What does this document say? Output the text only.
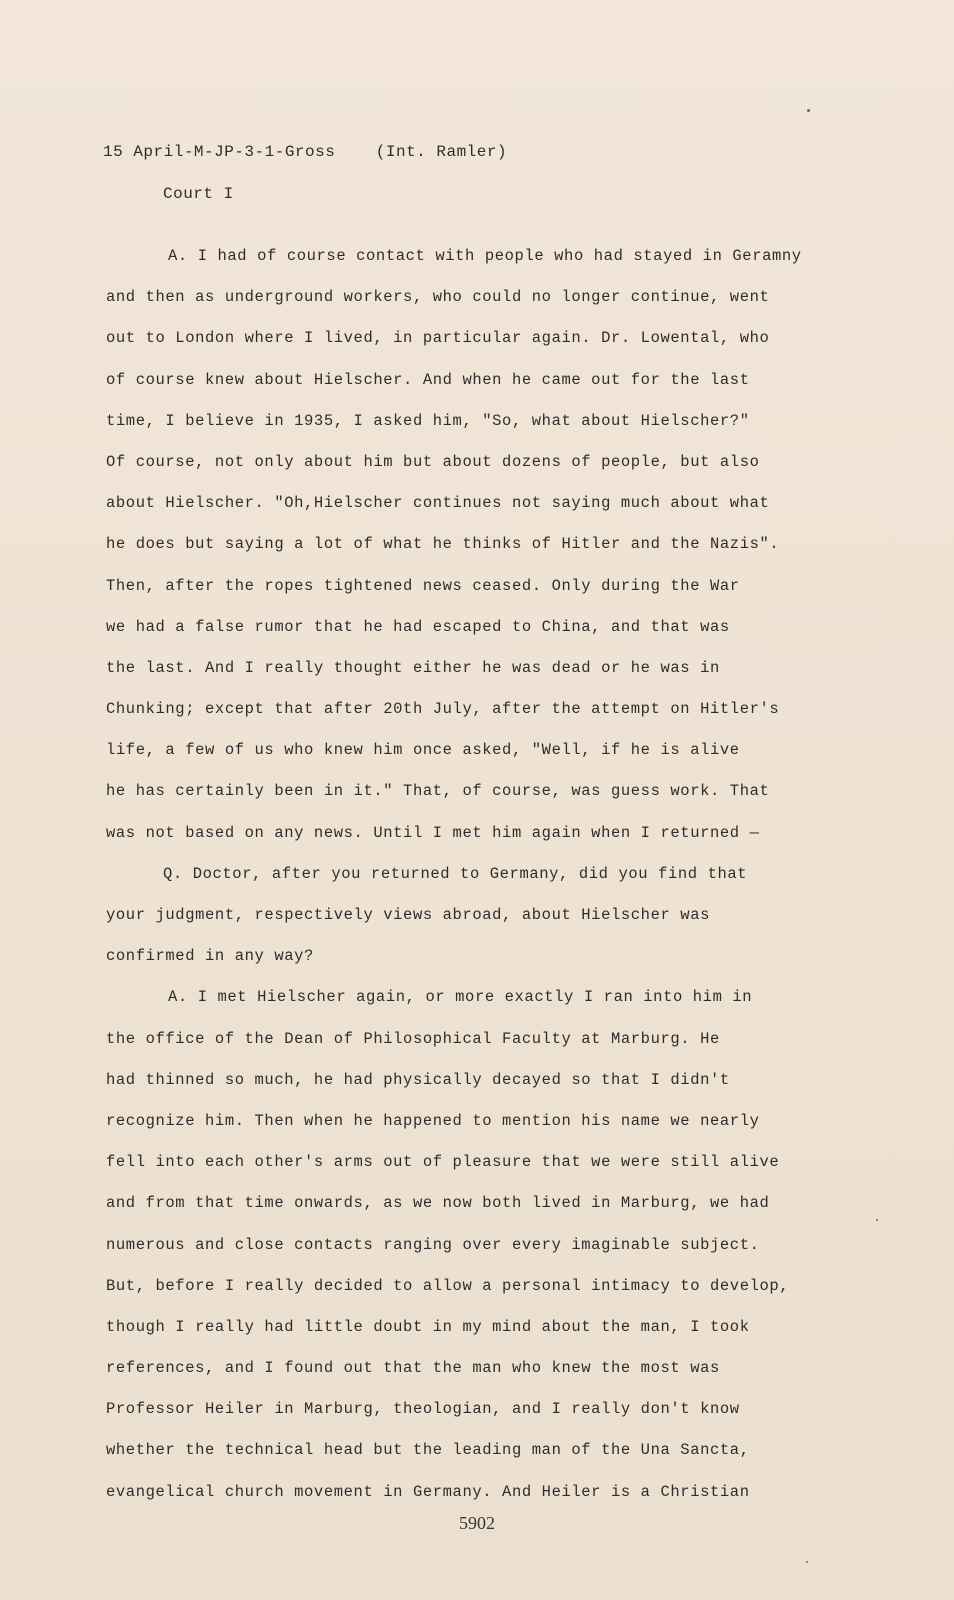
15 April-M-JP-3-1-Gross	(Int. Ramler)
Court I
A. I had of course contact with people who had stayed in Geramny
and then as underground workers, who could no longer continue, went
out to London where I lived, in particular again. Dr. Lowental, who
of course knew about Hielscher. And when he came out for the last
time, I believe in 1935, I asked him, "So, what about Hielscher?"
Of course, not only about him but about dozens of people, but also
about Hielscher. "Oh,Hielscher continues not saying much about what
he does but saying a lot of what he thinks of Hitler and the Nazis".
Then, after the ropes tightened news ceased. Only during the War
we had a false rumor that he had escaped to China, and that was
the last. And I really thought either he was dead or he was in
Chunking; except that after 20th July, after the attempt on Hitler's
life, a few of us who knew him once asked, "Well, if he is alive
he has certainly been in it." That, of course, was guess work. That
was not based on any news. Until I met him again when I returned —
Q. Doctor, after you returned to Germany, did you find that
your judgment, respectively views abroad, about Hielscher was
confirmed in any way?
A. I met Hielscher again, or more exactly I ran into him in
the office of the Dean of Philosophical Faculty at Marburg. He
had thinned so much, he had physically decayed so that I didn't
recognize him. Then when he happened to mention his name we nearly
fell into each other's arms out of pleasure that we were still alive
and from that time onwards, as we now both lived in Marburg, we had
numerous and close contacts ranging over every imaginable subject.
But, before I really decided to allow a personal intimacy to develop,
though I really had little doubt in my mind about the man, I took
references, and I found out that the man who knew the most was
Professor Heiler in Marburg, theologian, and I really don't know
whether the technical head but the leading man of the Una Sancta,
evangelical church movement in Germany. And Heiler is a Christian
5902
